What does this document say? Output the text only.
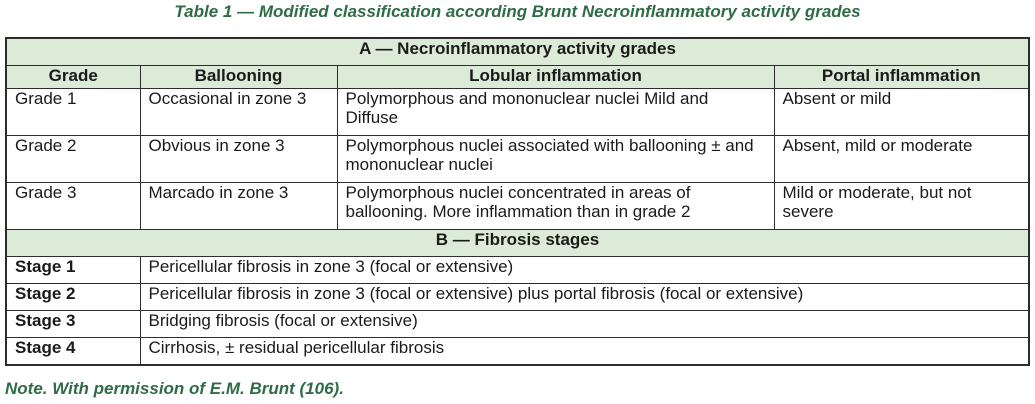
Table 1 — Modified classification according Brunt Necroinflammatory activity grades
A — Necroinflammatory activity grades			
Grade	Ballooning	Lobular inflammation	Portal inflammation
Grade 1	Occasional in zone 3	Polymorphous and mononuclear nuclei Mild and Diffuse	Absent or mild
Grade 2	Obvious in zone 3	Polymorphous nuclei associated with ballooning ± and mononuclear nuclei	Absent, mild or moderate
Grade 3	Marcado in zone 3	Polymorphous nuclei concentrated in areas of ballooning. More inflammation than in grade 2	Mild or moderate, but not severe
B — Fibrosis stages			
Stage 1	Pericellular fibrosis in zone 3 (focal or extensive)		
Stage 2	Pericellular fibrosis in zone 3 (focal or extensive) plus portal fibrosis (focal or extensive)		
Stage 3	Bridging fibrosis (focal or extensive)		
Stage 4	Cirrhosis, ± residual pericellular fibrosis		
Note. With permission of E.M. Brunt (106).
